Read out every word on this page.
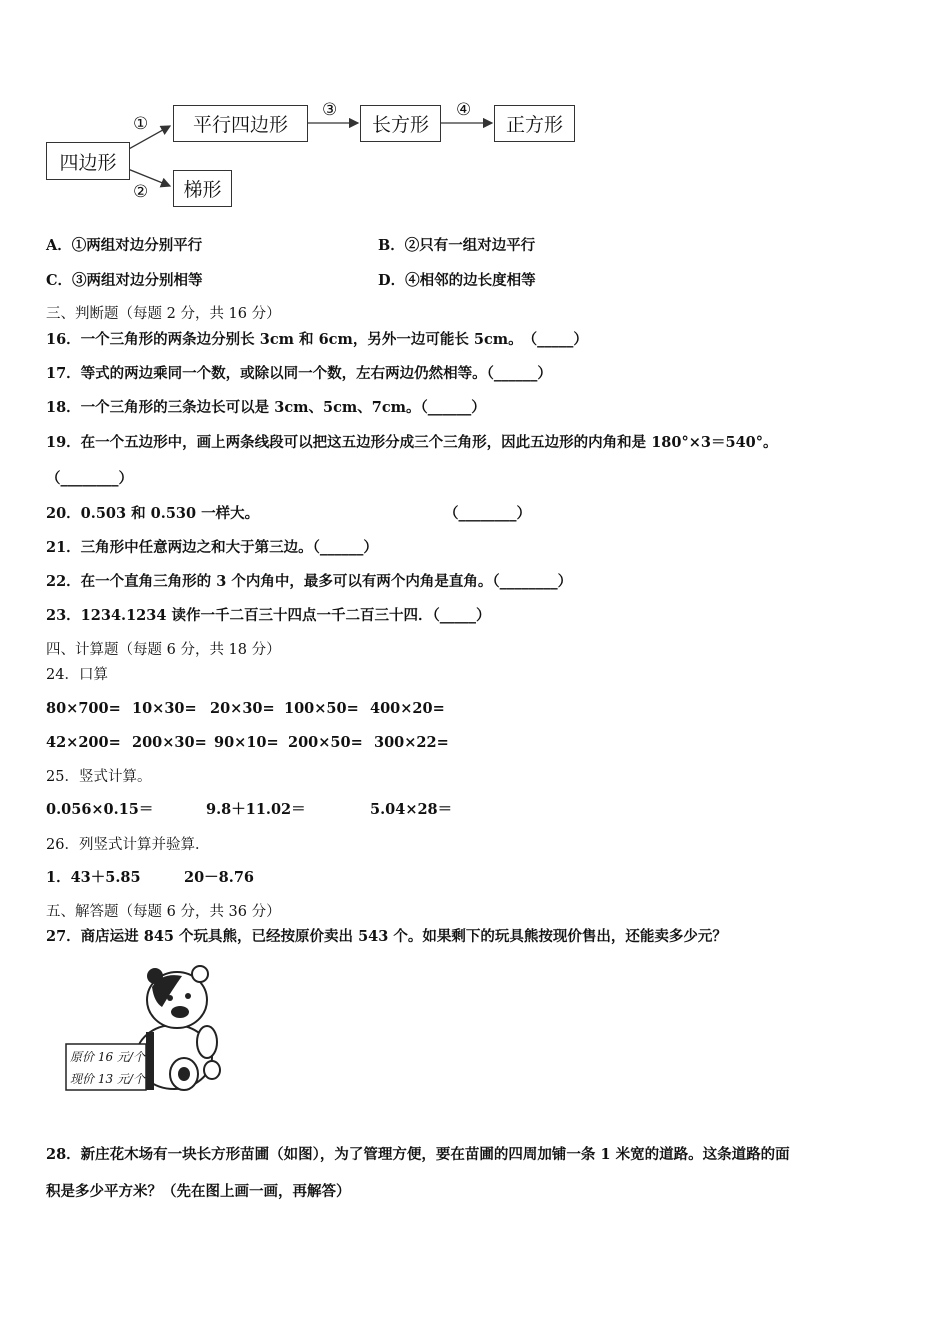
四边形
平行四边形	长方形	正方形
梯形
①
②
③	④
A．①两组对边分别平行	B．②只有一组对边平行
C．③两组对边分别相等	D．④相邻的边长度相等
三、判断题（每题 2 分，共 16 分）
16．一个三角形的两条边分别长 3cm 和 6cm，另外一边可能长 5cm。　（_____）
17．等式的两边乘同一个数，或除以同一个数，左右两边仍然相等。（______）
18．一个三角形的三条边长可以是 3cm、5cm、7cm。（______）
19．在一个五边形中，画上两条线段可以把这五边形分成三个三角形，因此五边形的内角和是 180°×3＝540°。
（________）
20．0.503 和 0.530 一样大。	（________）
21．三角形中任意两边之和大于第三边。（______）
22．在一个直角三角形的 3 个内角中，最多可以有两个内角是直角。（________）
23．1234.1234 读作一千二百三十四点一千二百三十四．（_____）
四、计算题（每题 6 分，共 18 分）
24．口算
80×700= 10×30= 20×30= 100×50= 400×20=
42×200= 200×30= 90×10= 200×50= 300×22=
25．竖式计算。
0.056×0.15＝	9.8＋11.02＝	5.04×28＝
26．列竖式计算并验算．
1．43＋5.85	20－8.76
五、解答题（每题 6 分，共 36 分）
27．商店运进 845 个玩具熊，已经按原价卖出 543 个。如果剩下的玩具熊按现价售出，还能卖多少元？
原价 16 元/个
现价 13 元/个
28．新庄花木场有一块长方形苗圃（如图），为了管理方便，要在苗圃的四周加铺一条 1 米宽的道路。这条道路的面
积是多少平方米？（先在图上画一画，再解答）
